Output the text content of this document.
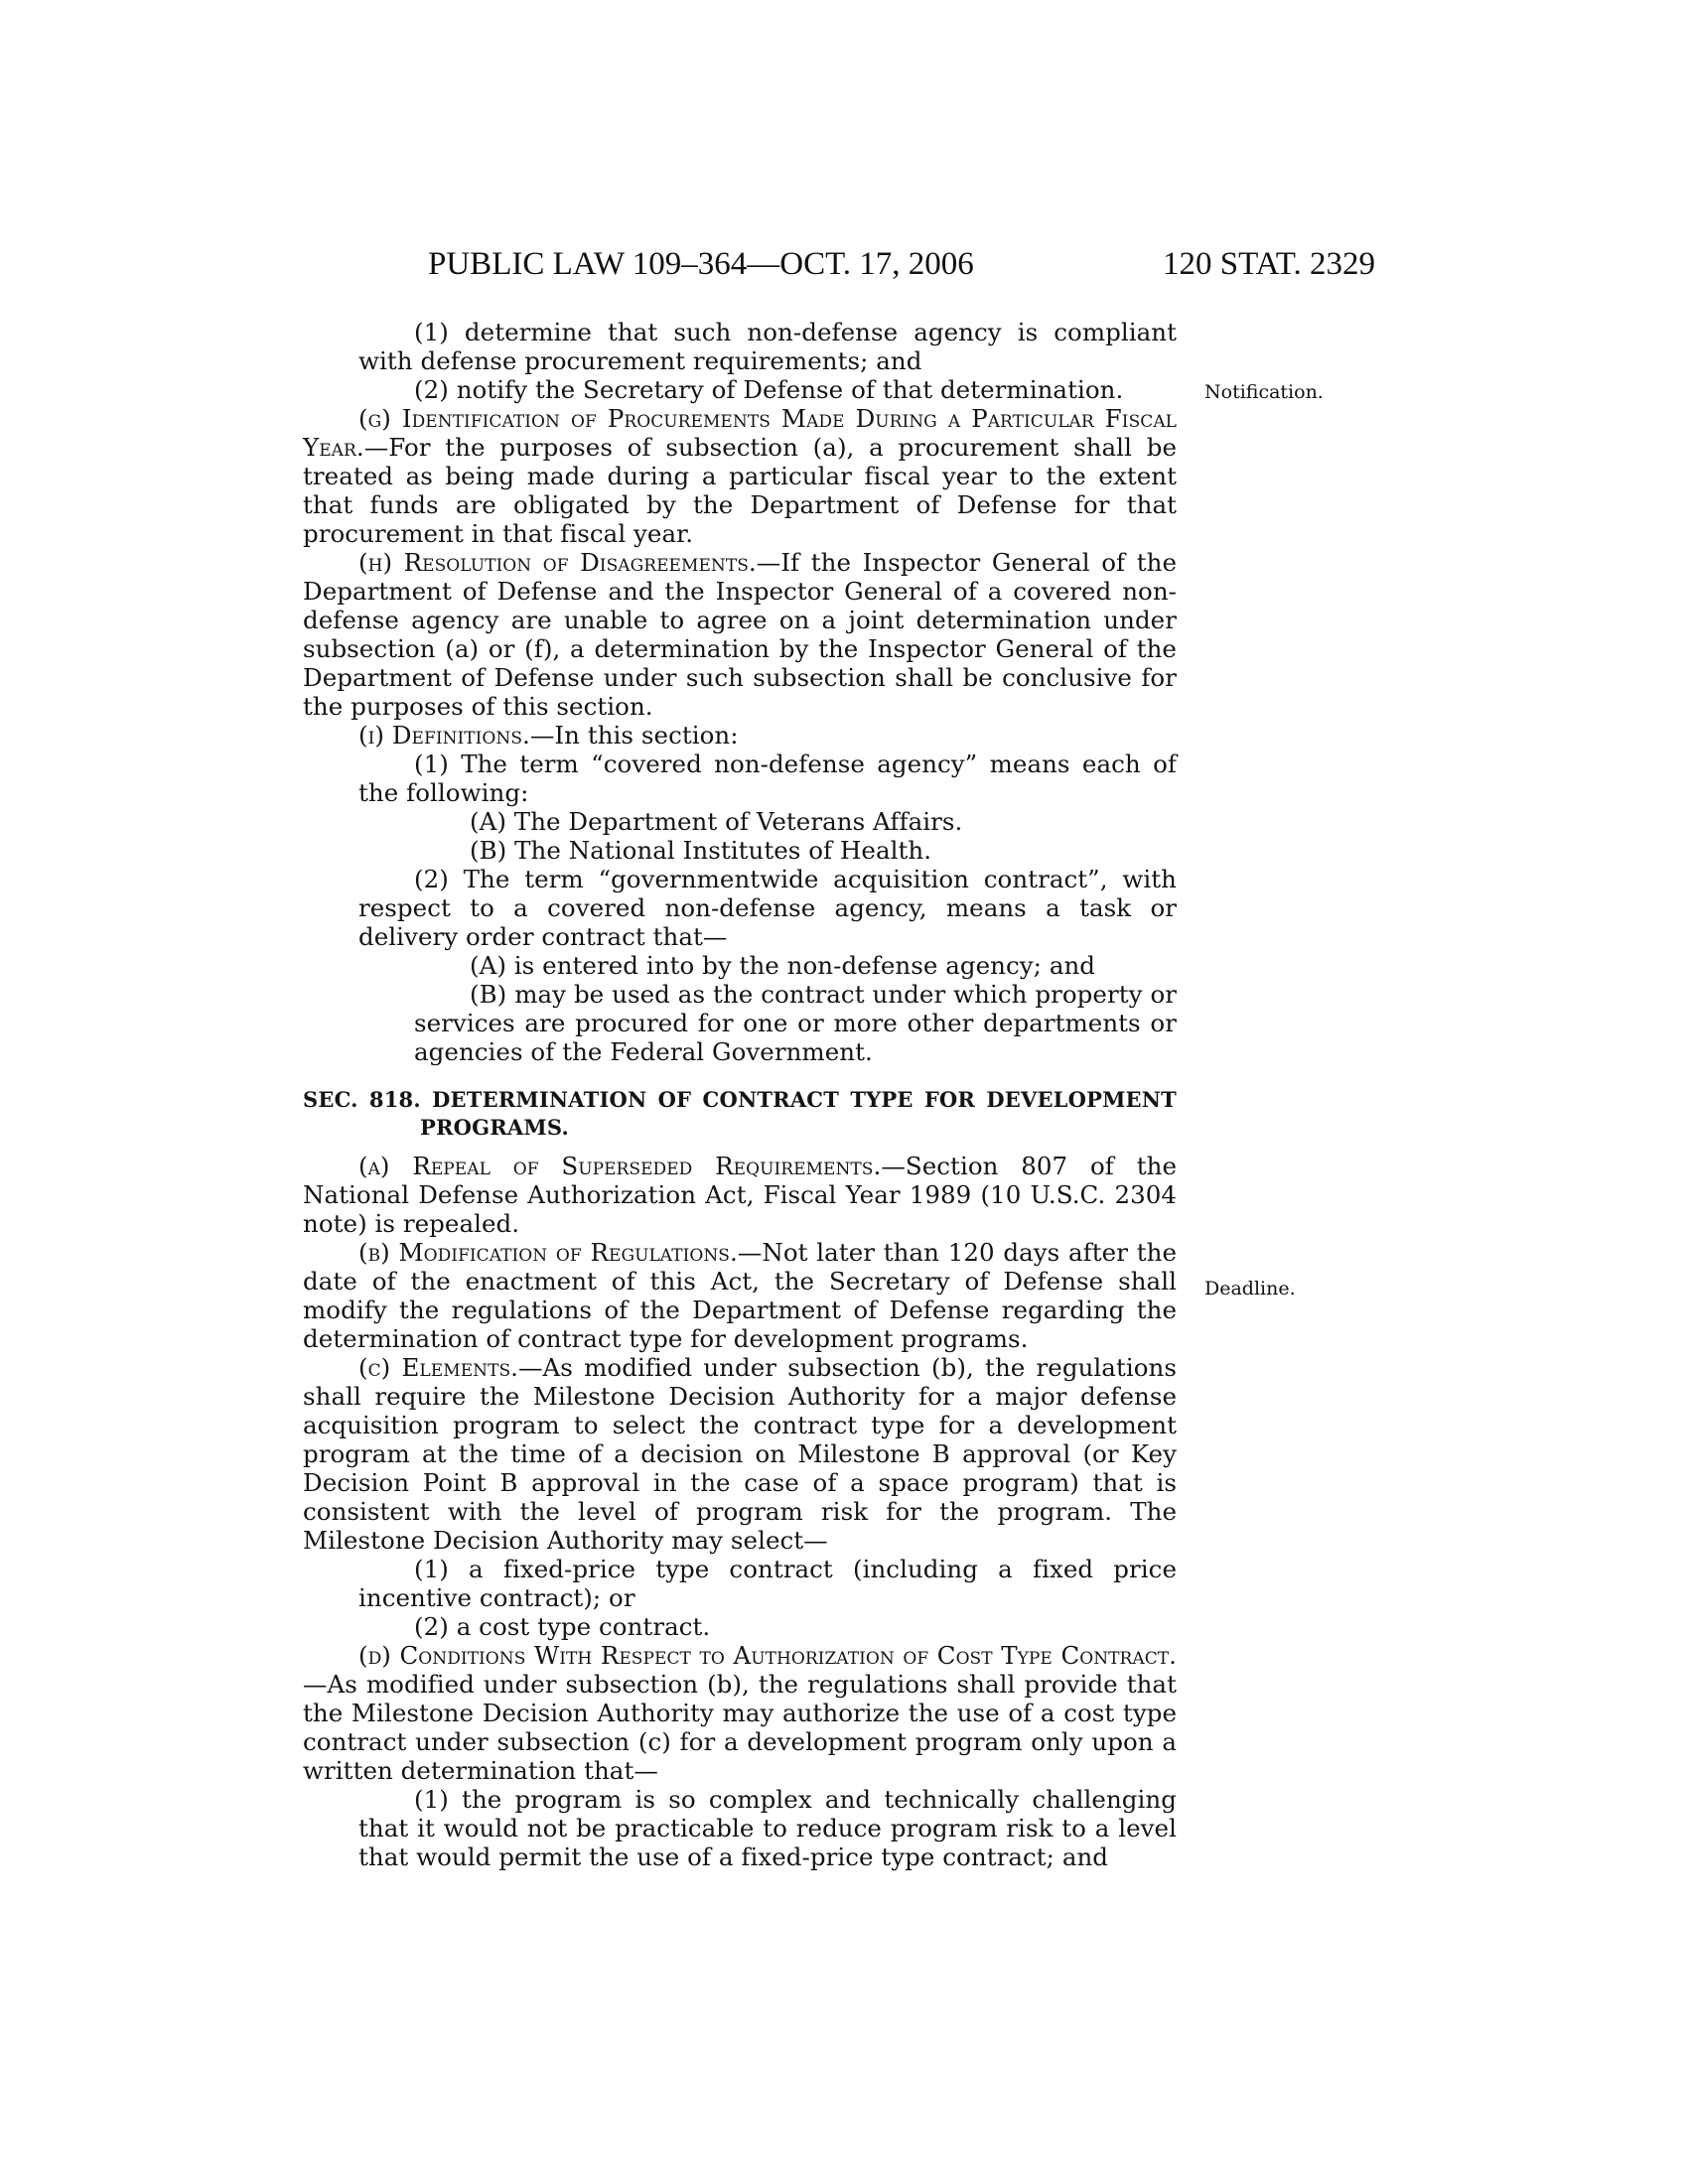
PUBLIC LAW 109–364—OCT. 17, 2006	120 STAT. 2329
Notification.
Deadline.

(1) determine that such non-defense agency is compliant with defense procurement requirements; and

(2) notify the Secretary of Defense of that determination.

(g) Identification of Procurements Made During a Particular Fiscal Year.—For the purposes of subsection (a), a procurement shall be treated as being made during a particular fiscal year to the extent that funds are obligated by the Department of Defense for that procurement in that fiscal year.

(h) Resolution of Disagreements.—If the Inspector General of the Department of Defense and the Inspector General of a covered non-defense agency are unable to agree on a joint determination under subsection (a) or (f), a determination by the Inspector General of the Department of Defense under such subsection shall be conclusive for the purposes of this section.

(i) Definitions.—In this section:

(1) The term “covered non-defense agency” means each of the following:

(A) The Department of Veterans Affairs.

(B) The National Institutes of Health.

(2) The term “governmentwide acquisition contract”, with respect to a covered non-defense agency, means a task or delivery order contract that—

(A) is entered into by the non-defense agency; and

(B) may be used as the contract under which property or services are procured for one or more other departments or agencies of the Federal Government.

SEC. 818. DETERMINATION OF CONTRACT TYPE FOR DEVELOPMENT PROGRAMS.

(a) Repeal of Superseded Requirements.—Section 807 of the National Defense Authorization Act, Fiscal Year 1989 (10 U.S.C. 2304 note) is repealed.

(b) Modification of Regulations.—Not later than 120 days after the date of the enactment of this Act, the Secretary of Defense shall modify the regulations of the Department of Defense regarding the determination of contract type for development programs.

(c) Elements.—As modified under subsection (b), the regulations shall require the Milestone Decision Authority for a major defense acquisition program to select the contract type for a development program at the time of a decision on Milestone B approval (or Key Decision Point B approval in the case of a space program) that is consistent with the level of program risk for the program. The Milestone Decision Authority may select—

(1) a fixed-price type contract (including a fixed price incentive contract); or

(2) a cost type contract.

(d) Conditions With Respect to Authorization of Cost Type Contract.—As modified under subsection (b), the regulations shall provide that the Milestone Decision Authority may authorize the use of a cost type contract under subsection (c) for a development program only upon a written determination that—

(1) the program is so complex and technically challenging that it would not be practicable to reduce program risk to a level that would permit the use of a fixed-price type contract; and
